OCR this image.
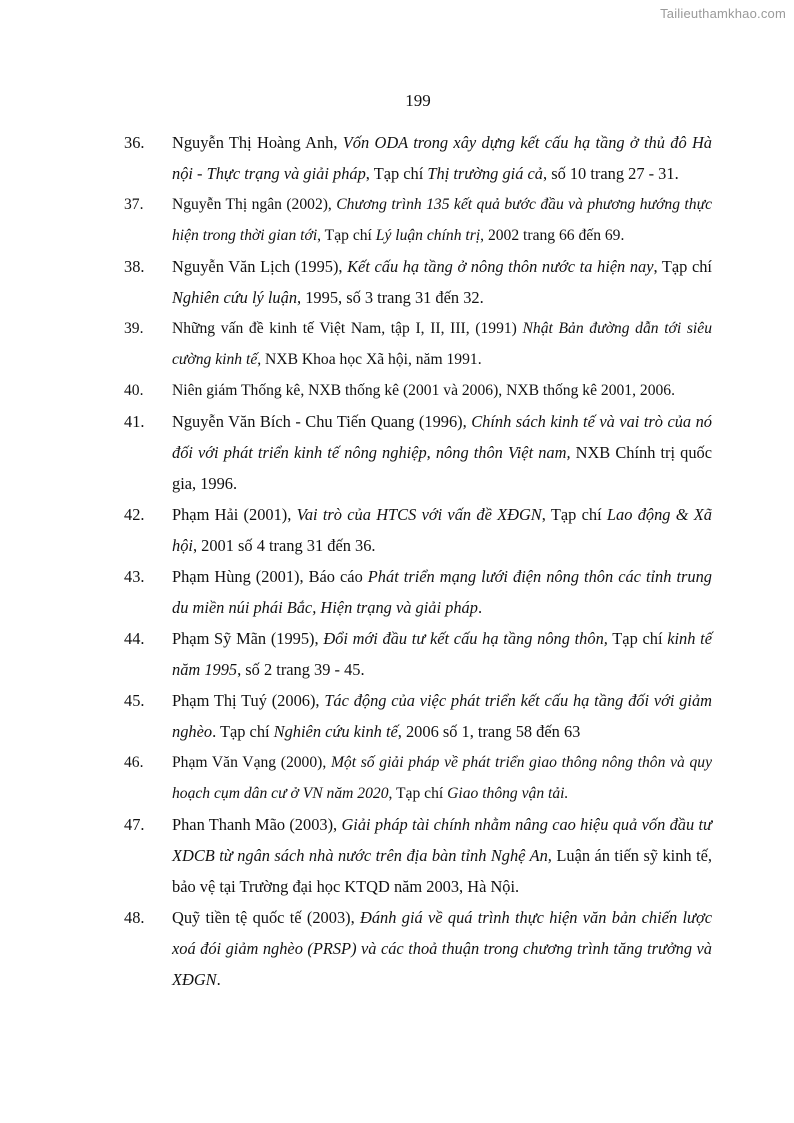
Tailieuthamkhao.com
199
36. Nguyễn Thị Hoàng Anh, Vốn ODA trong xây dựng kết cấu hạ tầng ở thủ đô Hà nội - Thực trạng và giải pháp, Tạp chí Thị trường giá cả, số 10 trang 27 - 31.
37. Nguyễn Thị ngân (2002), Chương trình 135 kết quả bước đầu và phương hướng thực hiện trong thời gian tới, Tạp chí Lý luận chính trị, 2002 trang 66 đến 69.
38. Nguyễn Văn Lịch (1995), Kết cấu hạ tầng ở nông thôn nước ta hiện nay, Tạp chí Nghiên cứu lý luận, 1995, số 3 trang 31 đến 32.
39. Những vấn đề kinh tế Việt Nam, tập I, II, III, (1991) Nhật Bản đường dẫn tới siêu cường kinh tế, NXB Khoa học Xã hội, năm 1991.
40. Niên giám Thống kê, NXB thống kê (2001 và 2006), NXB thống kê 2001, 2006.
41. Nguyễn Văn Bích - Chu Tiến Quang (1996), Chính sách kinh tế và vai trò của nó đối với phát triển kinh tế nông nghiệp, nông thôn Việt nam, NXB Chính trị quốc gia, 1996.
42. Phạm Hải (2001), Vai trò của HTCS với vấn đề XĐGN, Tạp chí Lao động & Xã hội, 2001 số 4 trang 31 đến 36.
43. Phạm Hùng (2001), Báo cáo Phát triển mạng lưới điện nông thôn các tỉnh trung du miền núi phái Bắc, Hiện trạng và giải pháp.
44. Phạm Sỹ Mãn (1995), Đổi mới đầu tư kết cấu hạ tầng nông thôn, Tạp chí kinh tế năm 1995, số 2 trang 39 - 45.
45. Phạm Thị Tuý (2006), Tác động của việc phát triển kết cấu hạ tầng đối với giảm nghèo. Tạp chí Nghiên cứu kinh tế, 2006 số 1, trang 58 đến 63
46. Phạm Văn Vạng (2000), Một số giải pháp về phát triển giao thông nông thôn và quy hoạch cụm dân cư ở VN năm 2020, Tạp chí Giao thông vận tải.
47. Phan Thanh Mão (2003), Giải pháp tài chính nhằm nâng cao hiệu quả vốn đầu tư XDCB từ ngân sách nhà nước trên địa bàn tỉnh Nghệ An, Luận án tiến sỹ kinh tế, bảo vệ tại Trường đại học KTQD năm 2003, Hà Nội.
48. Quỹ tiền tệ quốc tế (2003), Đánh giá về quá trình thực hiện văn bản chiến lược xoá đói giảm nghèo (PRSP) và các thoả thuận trong chương trình tăng trưởng và XĐGN.
